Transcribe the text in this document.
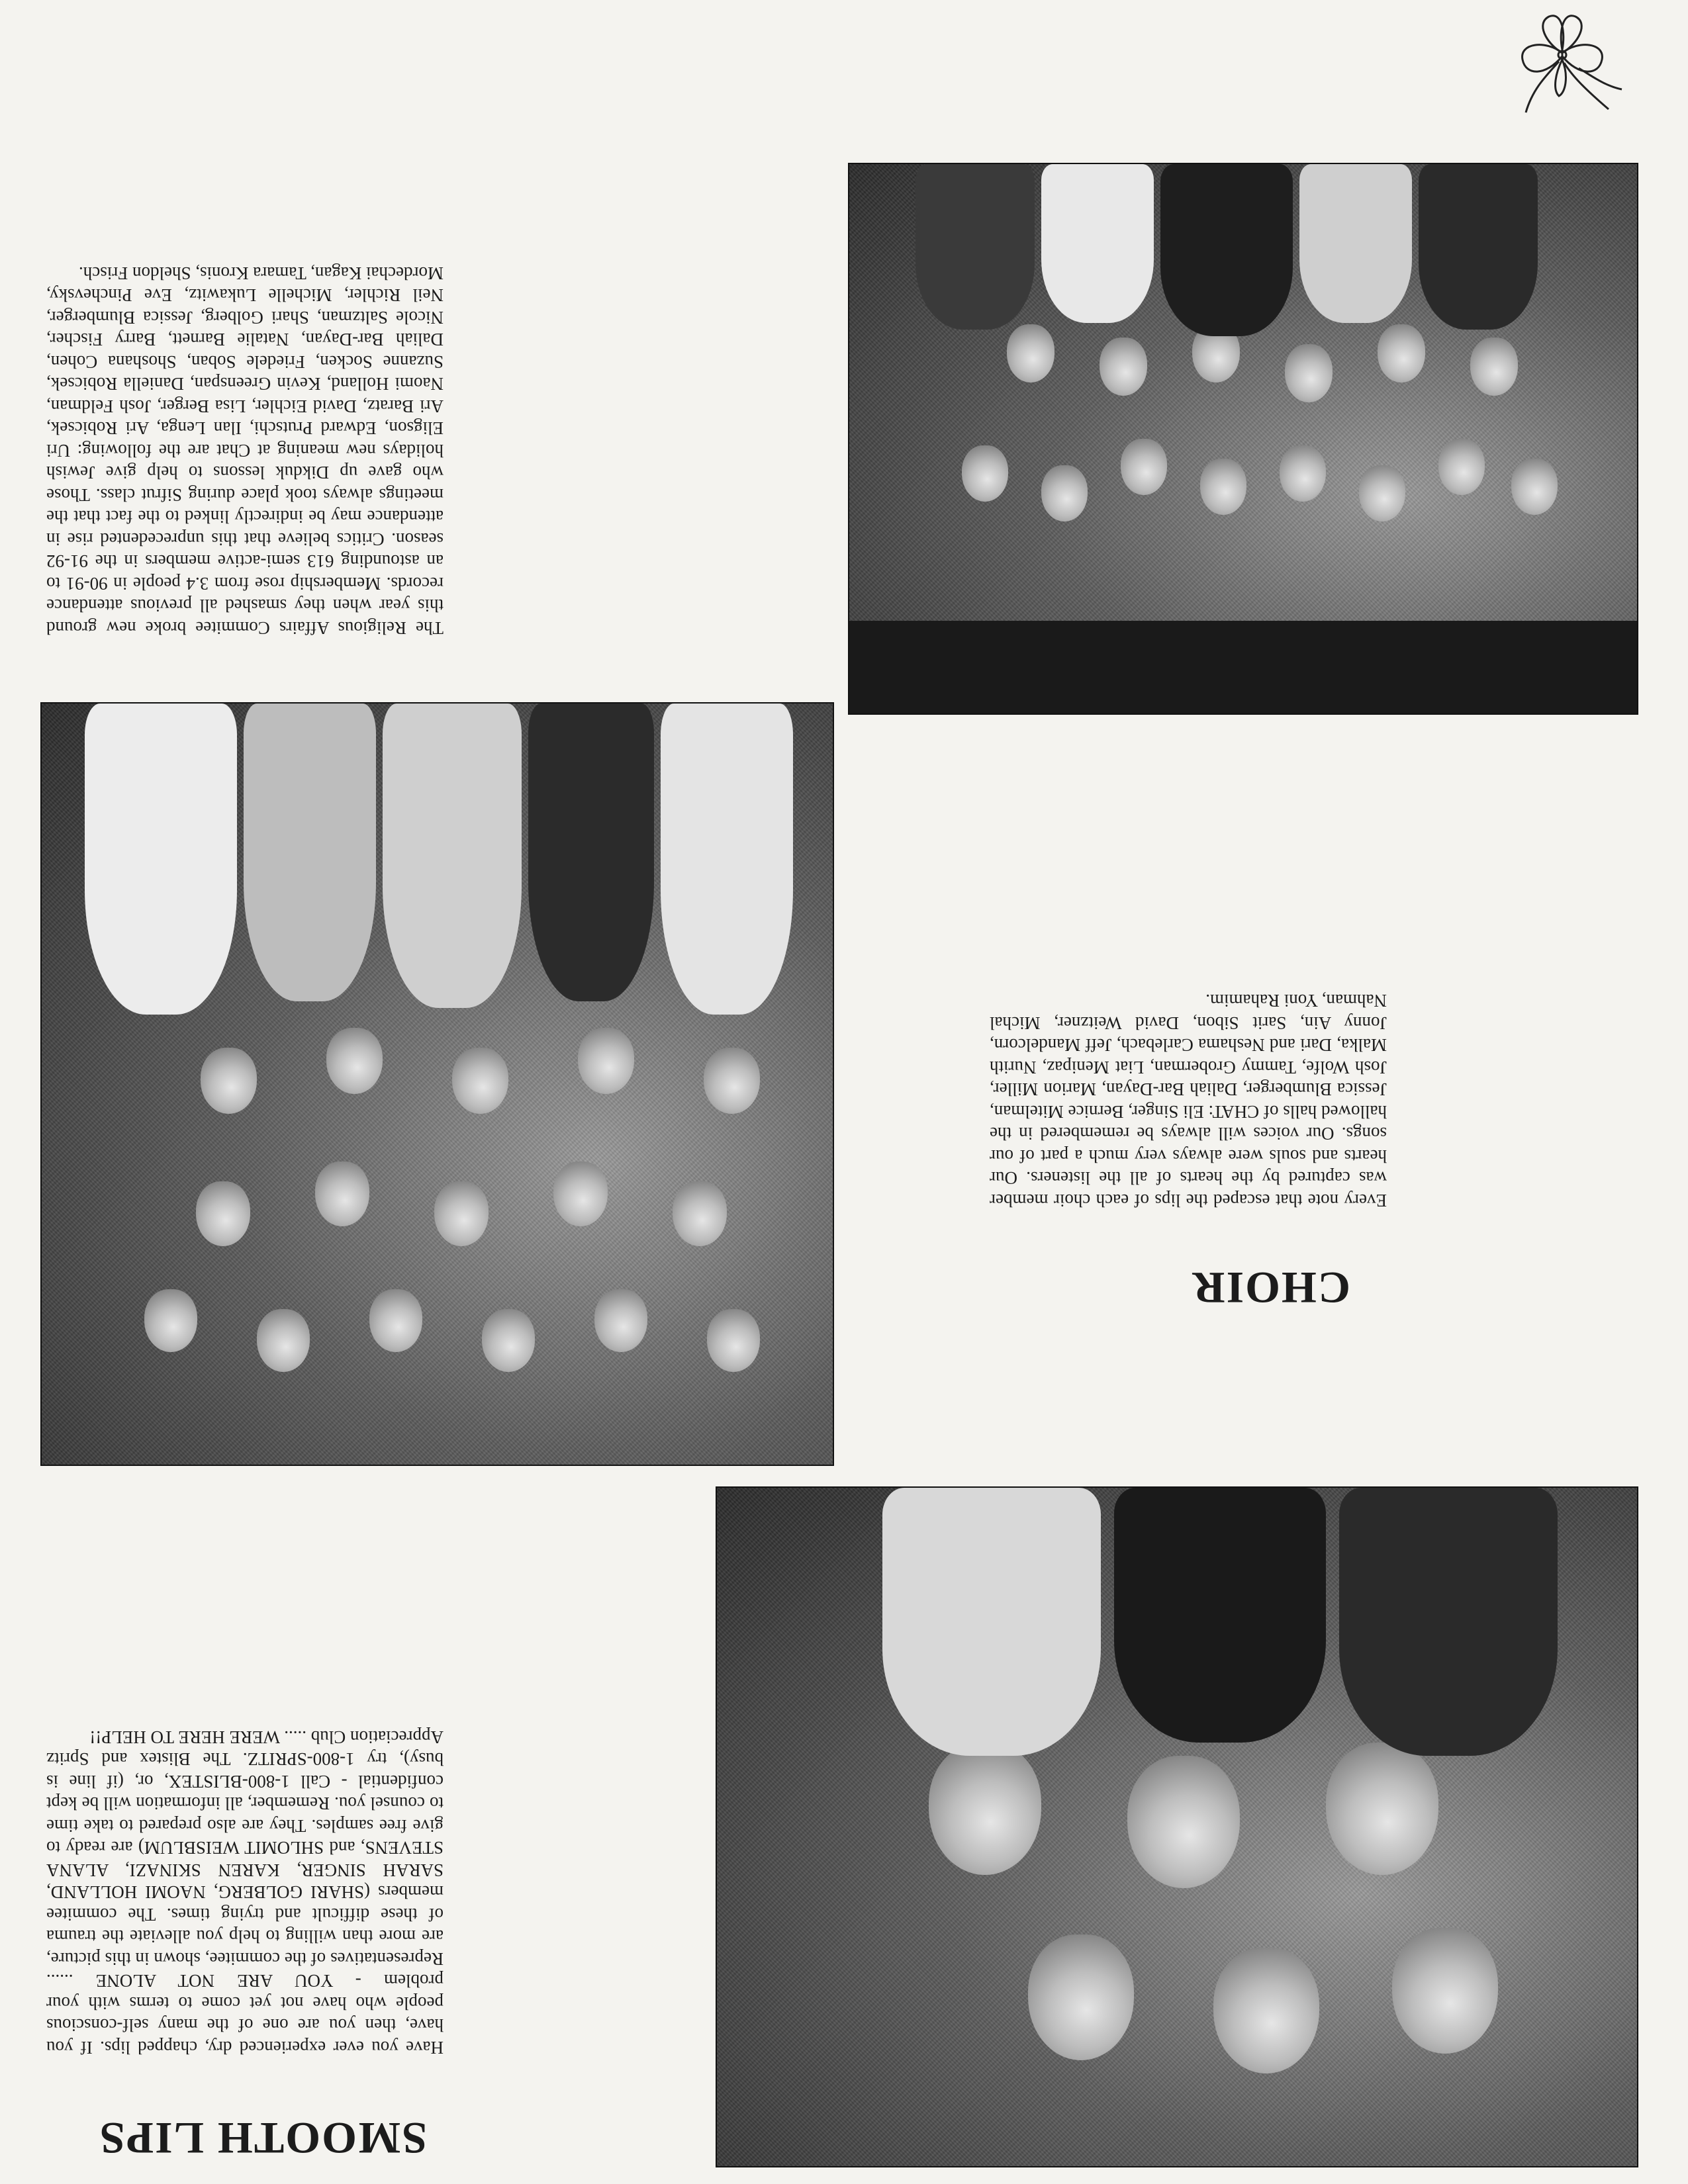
The Religious Affairs Commitee broke new ground this year when they smashed all previous attendance records. Membership rose from 3.4 people in 90-91 to an astounding 613 semi-active members in the 91-92 season. Critics believe that this unprecedented rise in attendance may be indirectly linked to the fact that the meetings always took place during Sifrut class. Those who gave up Dikduk lessons to help give Jewish holidays new meaning at Chat are the following: Uri Eligson, Edward Prutschi, Ilan Lenga, Ari Robicsek, Ari Baratz, David Eichler, Lisa Berger, Josh Feldman, Naomi Holland, Kevin Greenspan, Daniella Robicsek, Suzanne Socken, Friedele Soban, Shoshana Cohen, Daliah Bar-Dayan, Natalie Barnett, Barry Fischer, Nicole Saltzman, Shari Golberg, Jessica Blumberger, Neil Richler, Michelle Lukawitz, Eve Pinchevsky, Mordechai Kagan, Tamara Kronis, Sheldon Frisch.

CHOIR

Every note that escaped the lips of each choir member was captured by the hearts of all the listeners. Our hearts and souls were always very much a part of our songs. Our voices will always be remembered in the hallowed halls of CHAT: Eli Singer, Bernice Mitelman, Jessica Blumberger, Daliah Bar-Dayan, Marion Miller, Josh Wolfe, Tammy Groberman, Liat Menipaz, Nurith Malka, Dari and Neshama Carlebach, Jeff Mandelcorn, Jonny Ain, Sarit Sibon, David Weitzner, Michal Nahman, Yoni Rahamim.

SMOOTH LIPS

Have you ever experienced dry, chapped lips. If you have, then you are one of the many self-conscious people who have not yet come to terms with your problem - YOU ARE NOT ALONE ...... Representatives of the commitee, shown in this picture, are more than willing to help you alleviate the trauma of these difficult and trying times. The commitee members (SHARI GOLBERG, NAOMI HOLLAND, SARAH SINGER, KAREN SKINAZI, ALANA STEVENS, and SHLOMIT WEISBLUM) are ready to give free samples. They are also prepared to take time to counsel you. Remember, all information will be kept confidential - Call 1-800-BLISTEX, or, (if line is busy), try 1-800-SPRITZ. The Blistex and Spritz Appreciation Club ..... WERE HERE TO HELP!!
